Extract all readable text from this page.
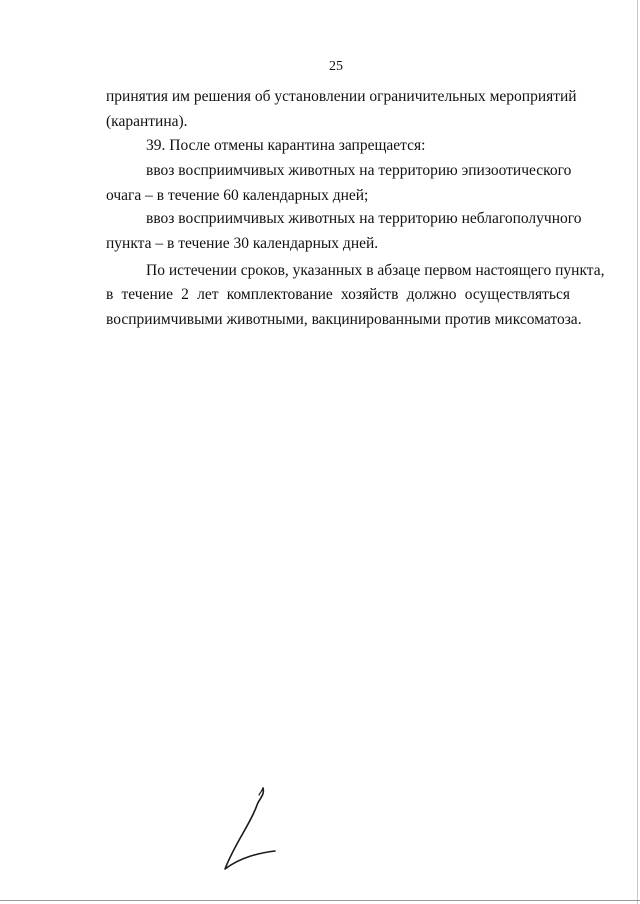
25

принятия им решения об установлении ограничительных мероприятий

(карантина).

39. После отмены карантина запрещается:

ввоз восприимчивых животных на территорию эпизоотического

очага – в течение 60 календарных дней;

ввоз восприимчивых животных на территорию неблагополучного

пункта – в течение 30 календарных дней.

По истечении сроков, указанных в абзаце первом настоящего пункта,

в течение 2 лет комплектование хозяйств должно осуществляться

восприимчивыми животными, вакцинированными против миксоматоза.
